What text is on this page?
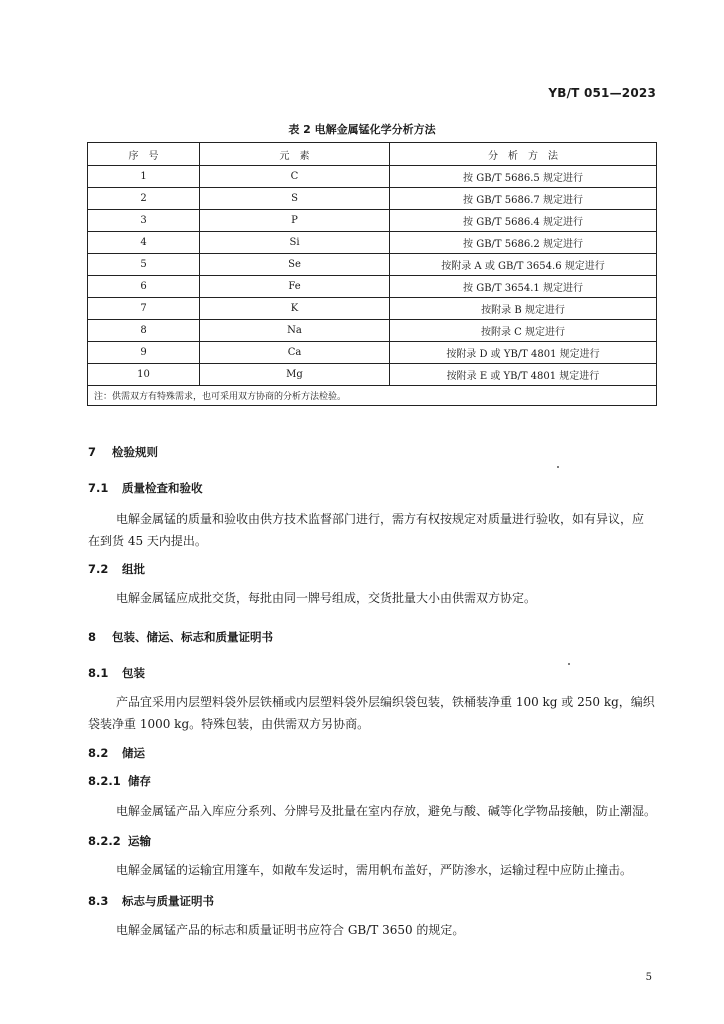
YB/T 051—2023
表 2 电解金属锰化学分析方法
序　号	元　素	分　析　方　法
1	C	按 GB/T 5686.5 规定进行
2	S	按 GB/T 5686.7 规定进行
3	P	按 GB/T 5686.4 规定进行
4	Si	按 GB/T 5686.2 规定进行
5	Se	按附录 A 或 GB/T 3654.6 规定进行
6	Fe	按 GB/T 3654.1 规定进行
7	K	按附录 B 规定进行
8	Na	按附录 C 规定进行
9	Ca	按附录 D 或 YB/T 4801 规定进行
10	Mg	按附录 E 或 YB/T 4801 规定进行
注：供需双方有特殊需求，也可采用双方协商的分析方法检验。		
7 检验规则
7.1 质量检查和验收
电解金属锰的质量和验收由供方技术监督部门进行，需方有权按规定对质量进行验收，如有异议，应
在到货 45 天内提出。
7.2 组批
电解金属锰应成批交货，每批由同一牌号组成，交货批量大小由供需双方协定。
8 包装、储运、标志和质量证明书
8.1 包装
产品宜采用内层塑料袋外层铁桶或内层塑料袋外层编织袋包装，铁桶装净重 100 kg 或 250 kg，编织
袋装净重 1000 kg。特殊包装，由供需双方另协商。
8.2 储运
8.2.1 储存
电解金属锰产品入库应分系列、分牌号及批量在室内存放，避免与酸、碱等化学物品接触，防止潮湿。
8.2.2 运输
电解金属锰的运输宜用篷车，如敞车发运时，需用帆布盖好，严防渗水，运输过程中应防止撞击。
8.3 标志与质量证明书
电解金属锰产品的标志和质量证明书应符合 GB/T 3650 的规定。
5
